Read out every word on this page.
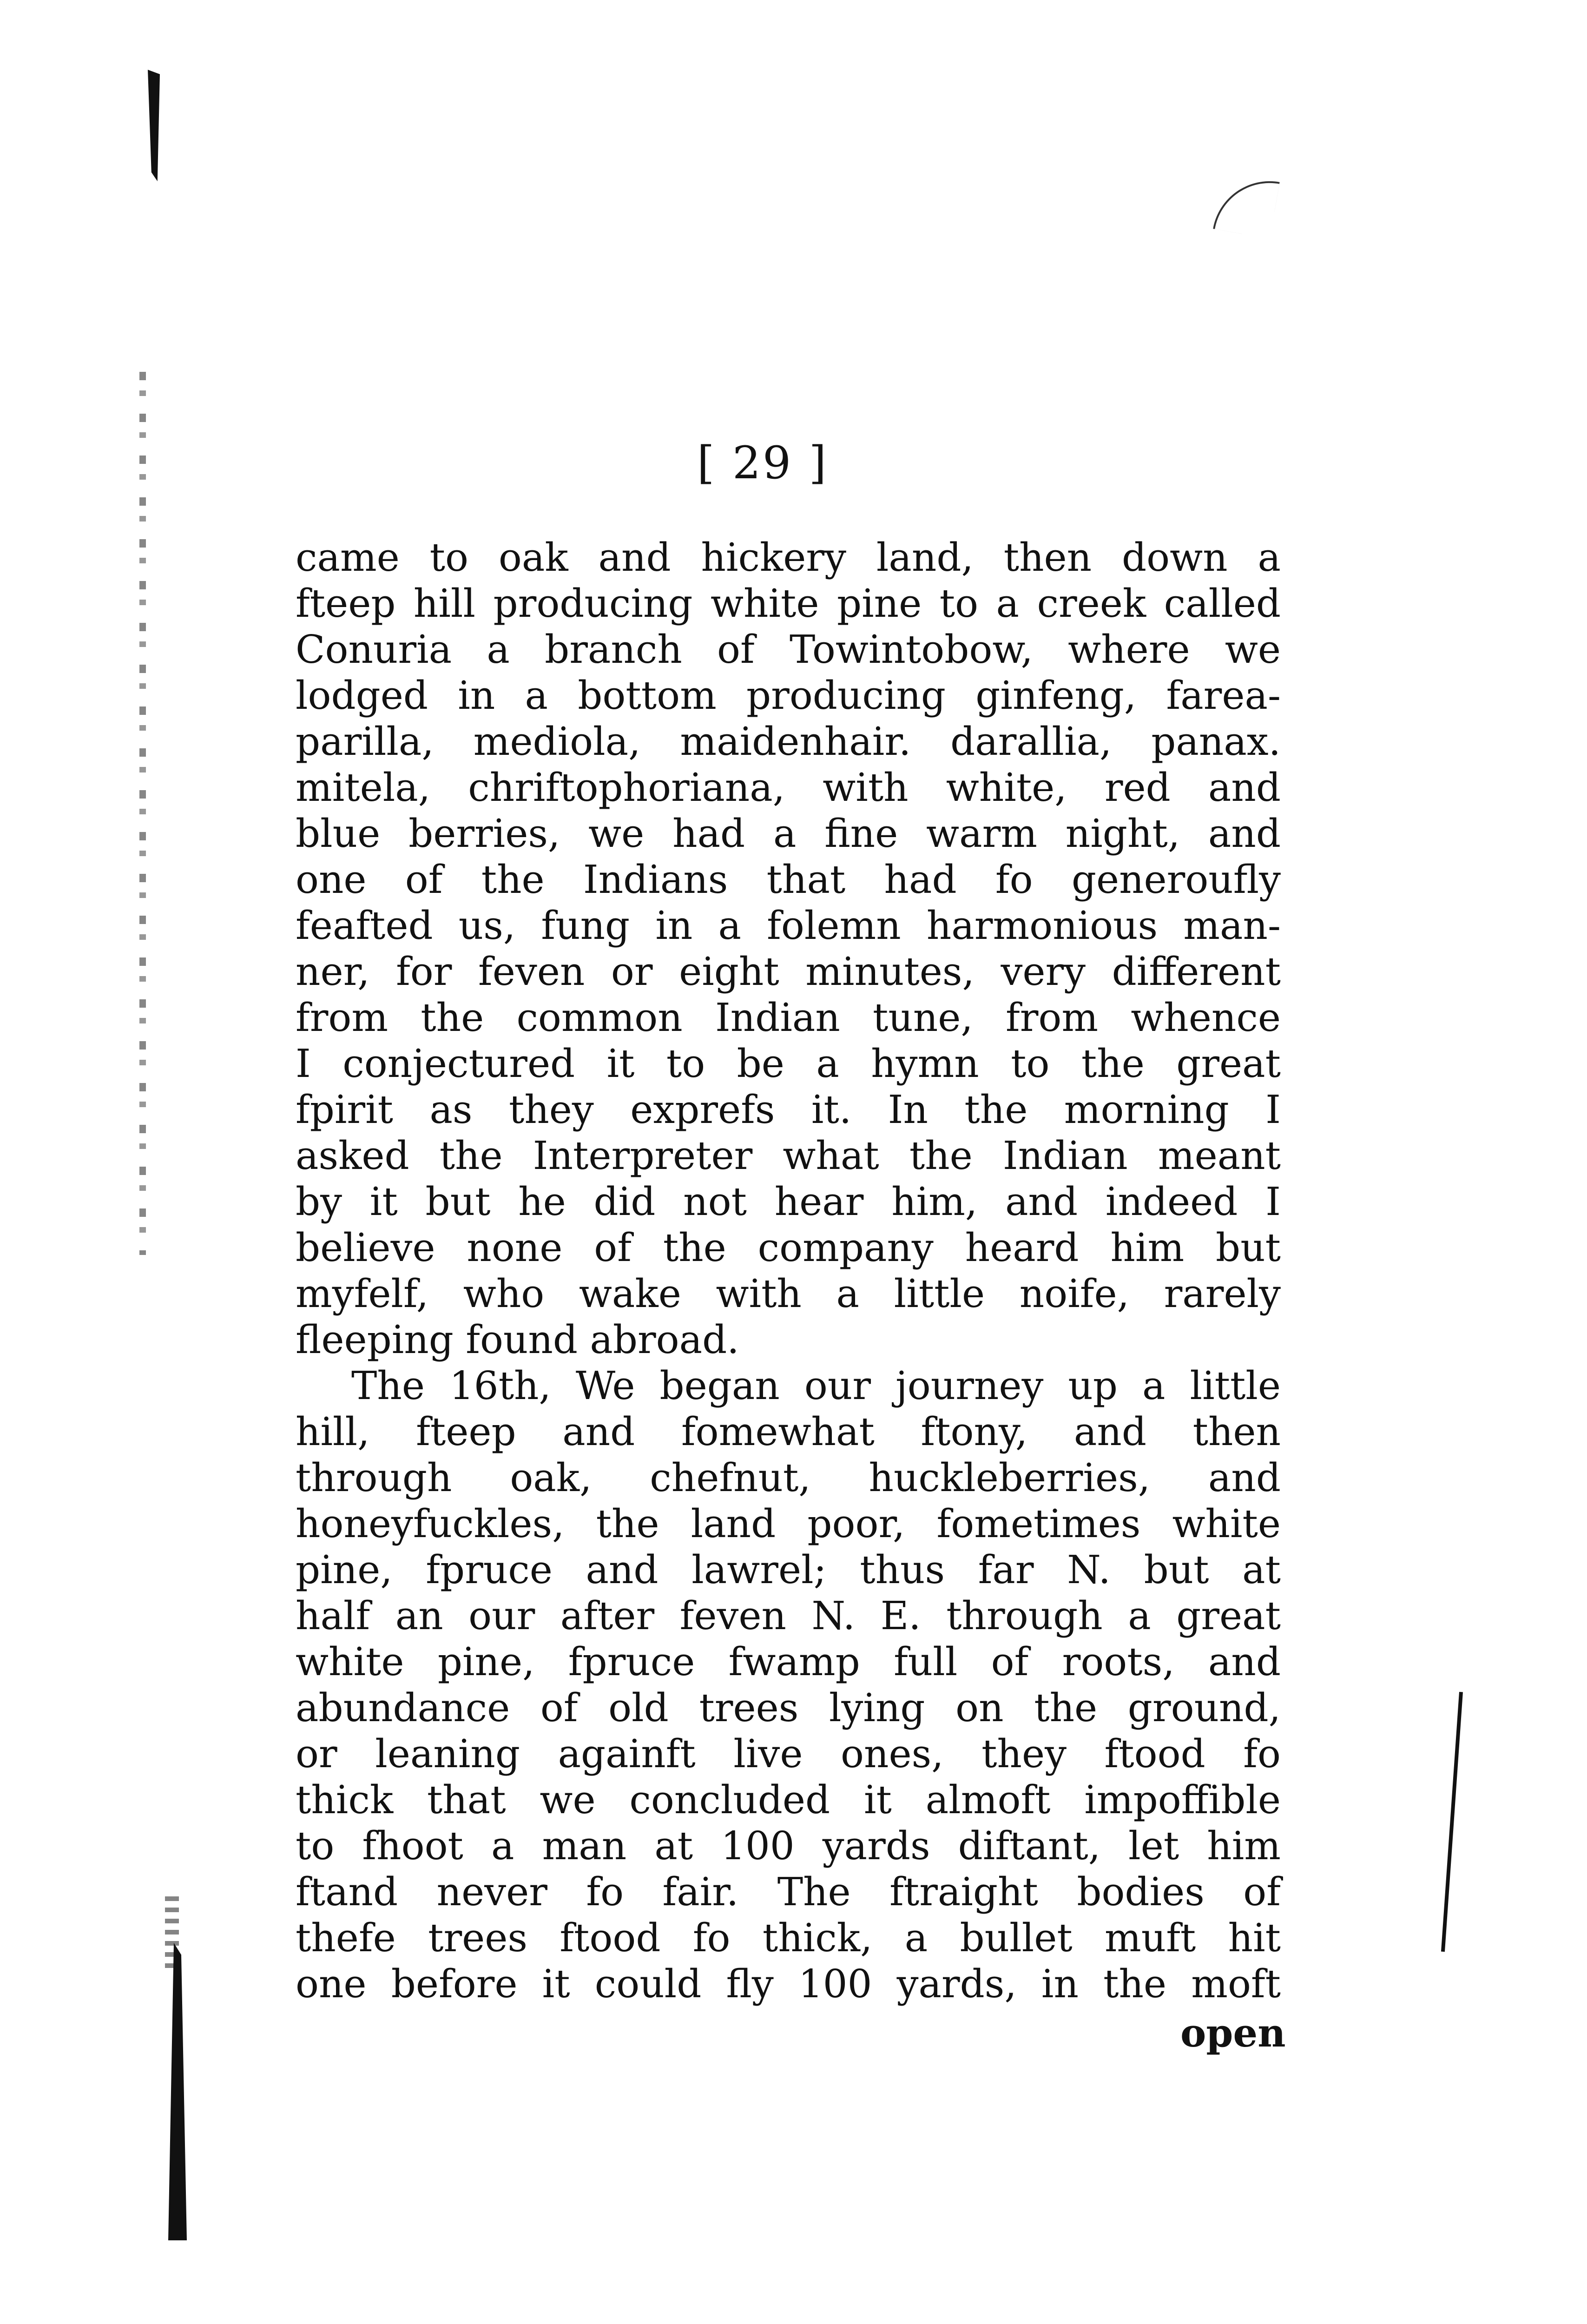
[ 29 ]
came to oak and hickery land, then down a
fteep hill producing white pine to a creek called
Conuria a branch of Towintobow, where we
lodged in a bottom producing ginfeng, farea-
parilla, mediola, maidenhair. darallia, panax.
mitela, chriftophoriana, with white, red and
blue berries, we had a fine warm night, and
one of the Indians that had fo generoufly
feafted us, fung in a folemn harmonious man-
ner, for feven or eight minutes, very different
from the common Indian tune, from whence
I conjectured it to be a hymn to the great
fpirit as they exprefs it. In the morning I
asked the Interpreter what the Indian meant
by it but he did not hear him, and indeed I
believe none of the company heard him but
myfelf, who wake with a little noife, rarely
fleeping found abroad.
The 16th, We began our journey up a little
hill, fteep and fomewhat ftony, and then
through oak, chefnut, huckleberries, and
honeyfuckles, the land poor, fometimes white
pine, fpruce and lawrel; thus far N. but at
half an our after feven N. E. through a great
white pine, fpruce fwamp full of roots, and
abundance of old trees lying on the ground,
or leaning againft live ones, they ftood fo
thick that we concluded it almoft impoffible
to fhoot a man at 100 yards diftant, let him
ftand never fo fair. The ftraight bodies of
thefe trees ftood fo thick, a bullet muft hit
one before it could fly 100 yards, in the moft
open
